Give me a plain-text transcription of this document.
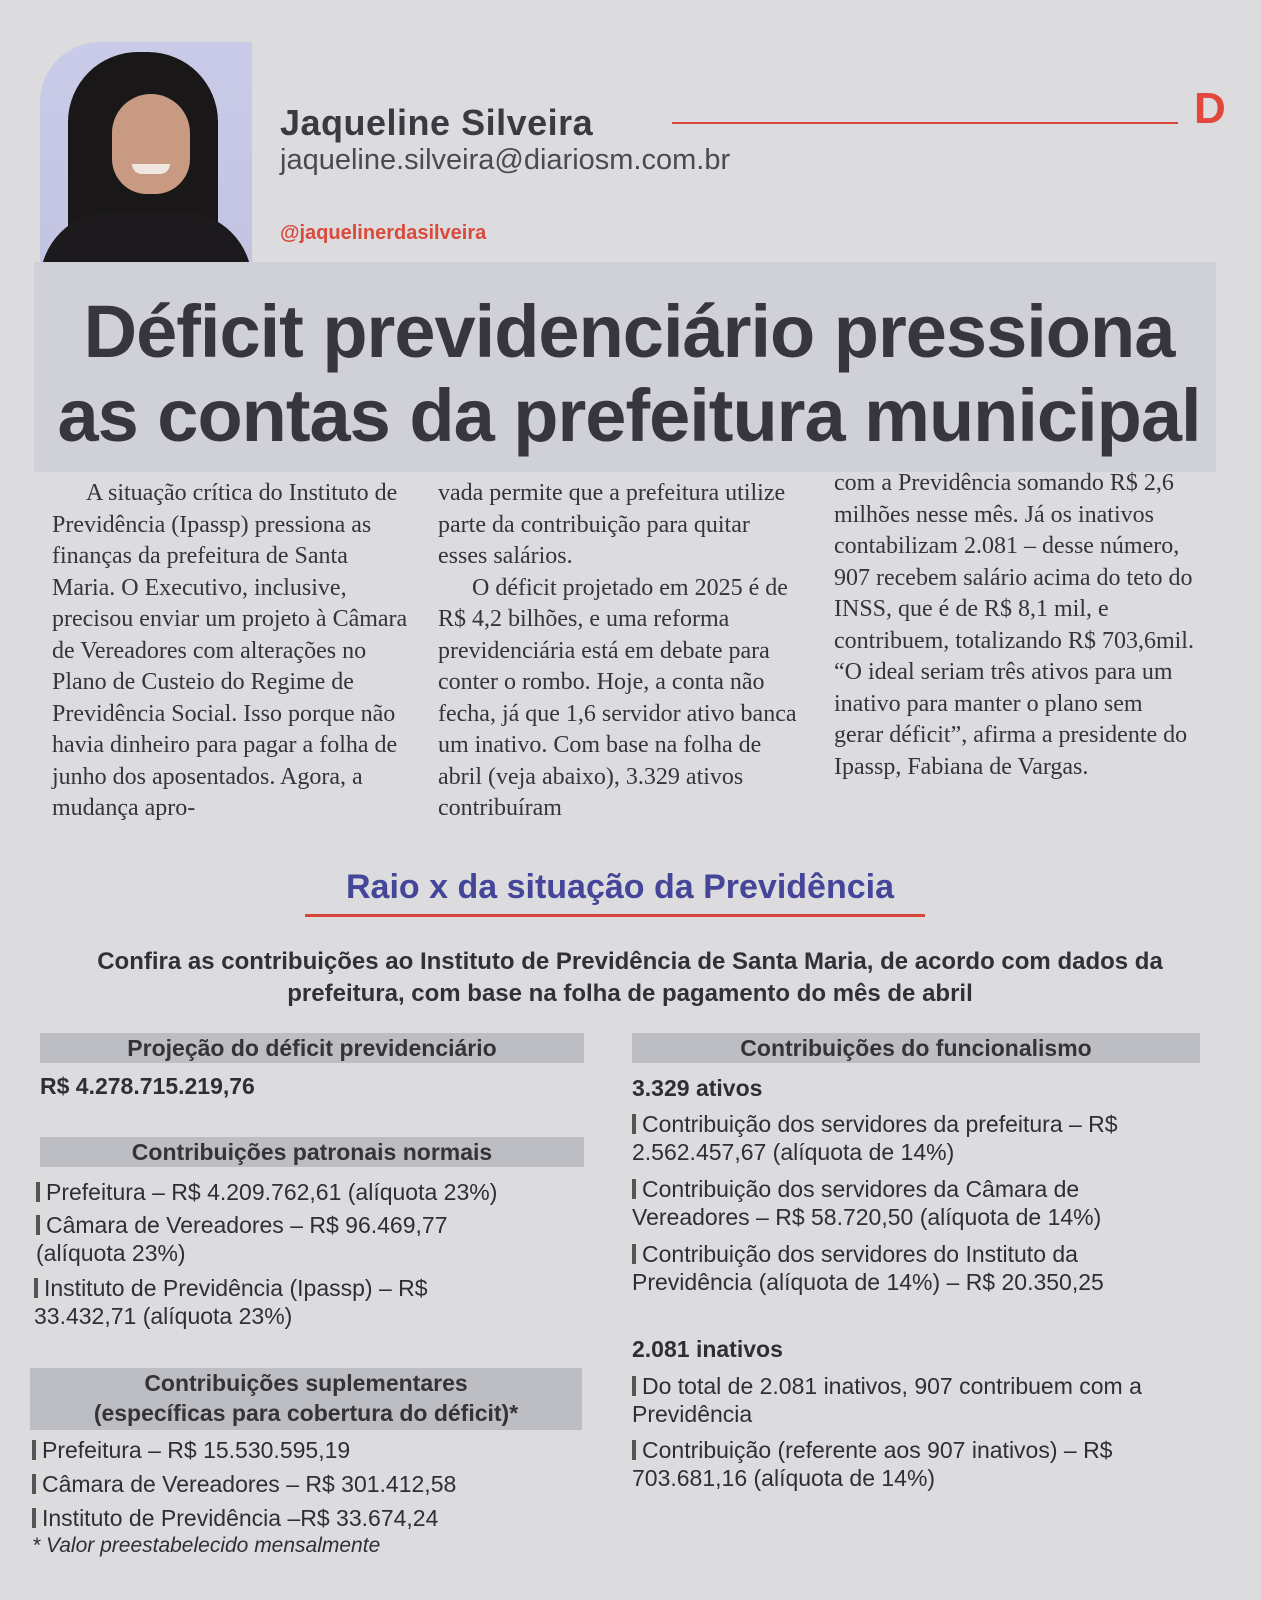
Jaqueline Silveira	D
jaqueline.silveira@diariosm.com.br
@jaquelinerdasilveira
Déficit previdenciário pressiona as contas da prefeitura municipal

A situação crítica do Instituto de Previdência (Ipassp) pressiona as finanças da prefeitura de Santa Maria. O Executivo, inclusive, precisou enviar um projeto à Câmara de Vereadores com alterações no Plano de Custeio do Regime de Previdência Social. Isso porque não havia dinheiro para pagar a folha de junho dos aposentados. Agora, a mudança apro-

vada permite que a prefeitura utilize parte da contribuição para quitar esses salários.

O déficit projetado em 2025 é de R$ 4,2 bilhões, e uma reforma previdenciária está em debate para conter o rombo. Hoje, a conta não fecha, já que 1,6 servidor ativo banca um inativo. Com base na folha de abril (veja abaixo), 3.329 ativos contribuíram

com a Previdência somando R$ 2,6 milhões nesse mês. Já os inativos contabilizam 2.081 – desse número, 907 recebem salário acima do teto do INSS, que é de R$ 8,1 mil, e contribuem, totalizando R$ 703,6mil. “O ideal seriam três ativos para um inativo para manter o plano sem gerar déficit”, afirma a presidente do Ipassp, Fabiana de Vargas.

Raio x da situação da Previdência
Confira as contribuições ao Instituto de Previdência de Santa Maria, de acordo com dados da prefeitura, com base na folha de pagamento do mês de abril
Projeção do déficit previdenciário
R$ 4.278.715.219,76
Contribuições patronais normais
Prefeitura – R$ 4.209.762,61 (alíquota 23%)
Câmara de Vereadores – R$ 96.469,77 (alíquota 23%)
Instituto de Previdência (Ipassp) – R$ 33.432,71 (alíquota 23%)
Contribuições suplementares
(específicas para cobertura do déficit)*
Prefeitura – R$ 15.530.595,19
Câmara de Vereadores – R$ 301.412,58
Instituto de Previdência –R$ 33.674,24
* Valor preestabelecido mensalmente
Contribuições do funcionalismo
3.329 ativos
Contribuição dos servidores da prefeitura – R$ 2.562.457,67 (alíquota de 14%)
Contribuição dos servidores da Câmara de Vereadores – R$ 58.720,50 (alíquota de 14%)
Contribuição dos servidores do Instituto da Previdência (alíquota de 14%) – R$ 20.350,25
2.081 inativos
Do total de 2.081 inativos, 907 contribuem com a Previdência
Contribuição (referente aos 907 inativos) – R$ 703.681,16 (alíquota de 14%)
